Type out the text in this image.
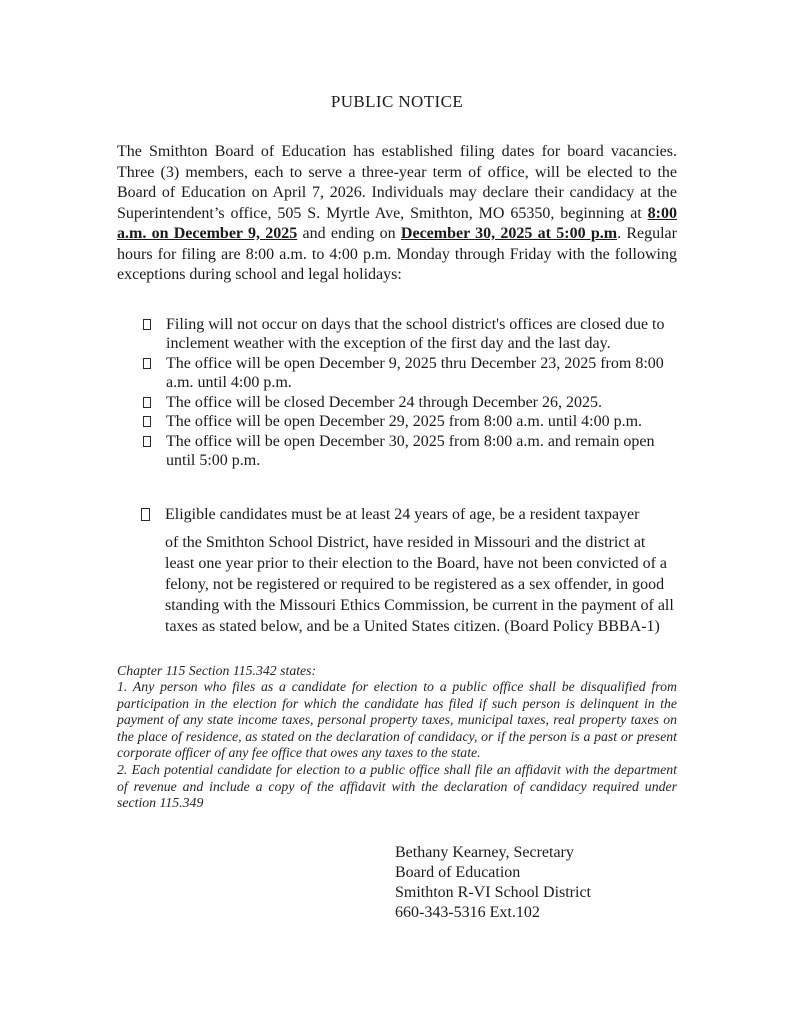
PUBLIC NOTICE

The Smithton Board of Education has established filing dates for board vacancies. Three (3) members, each to serve a three-year term of office, will be elected to the Board of Education on April 7, 2026. Individuals may declare their candidacy at the Superintendent’s office, 505 S. Myrtle Ave, Smithton, MO 65350, beginning at 8:00 a.m. on December 9, 2025 and ending on December 30, 2025 at 5:00 p.m. Regular hours for filing are 8:00 a.m. to 4:00 p.m. Monday through Friday with the following exceptions during school and legal holidays:

Filing will not occur on days that the school district's offices are closed due to inclement weather with the exception of the first day and the last day.
The office will be open December 9, 2025 thru December 23, 2025 from 8:00 a.m. until 4:00 p.m.
The office will be closed December 24 through December 26, 2025.
The office will be open December 29, 2025 from 8:00 a.m. until 4:00 p.m.
The office will be open December 30, 2025 from 8:00 a.m. and remain open until 5:00 p.m.
Eligible candidates must be at least 24 years of age, be a resident taxpayer
of the Smithton School District, have resided in Missouri and the district at least one year prior to their election to the Board, have not been convicted of a felony, not be registered or required to be registered as a sex offender, in good standing with the Missouri Ethics Commission, be current in the payment of all taxes as stated below, and be a United States citizen. (Board Policy BBBA-1)
Chapter 115 Section 115.342 states:
1. Any person who files as a candidate for election to a public office shall be disqualified from participation in the election for which the candidate has filed if such person is delinquent in the payment of any state income taxes, personal property taxes, municipal taxes, real property taxes on the place of residence, as stated on the declaration of candidacy, or if the person is a past or present corporate officer of any fee office that owes any taxes to the state.
2. Each potential candidate for election to a public office shall file an affidavit with the department of revenue and include a copy of the affidavit with the declaration of candidacy required under section 115.349
Bethany Kearney, Secretary
Board of Education
Smithton R-VI School District
660-343-5316 Ext.102
